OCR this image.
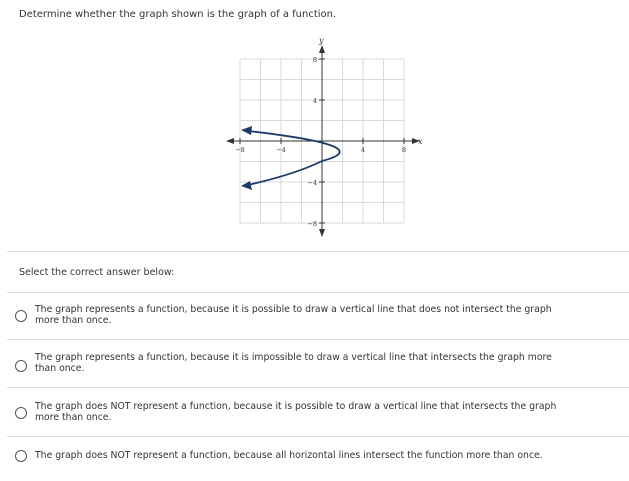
Determine whether the graph shown is the graph of a function.
x
y
−8	−4	4	8
8
4
−4
−8
Select the correct answer below:
The graph represents a function, because it is possible to draw a vertical line that does not intersect the graph
more than once.
The graph represents a function, because it is impossible to draw a vertical line that intersects the graph more
than once.
The graph does NOT represent a function, because it is possible to draw a vertical line that intersects the graph
more than once.
The graph does NOT represent a function, because all horizontal lines intersect the function more than once.
